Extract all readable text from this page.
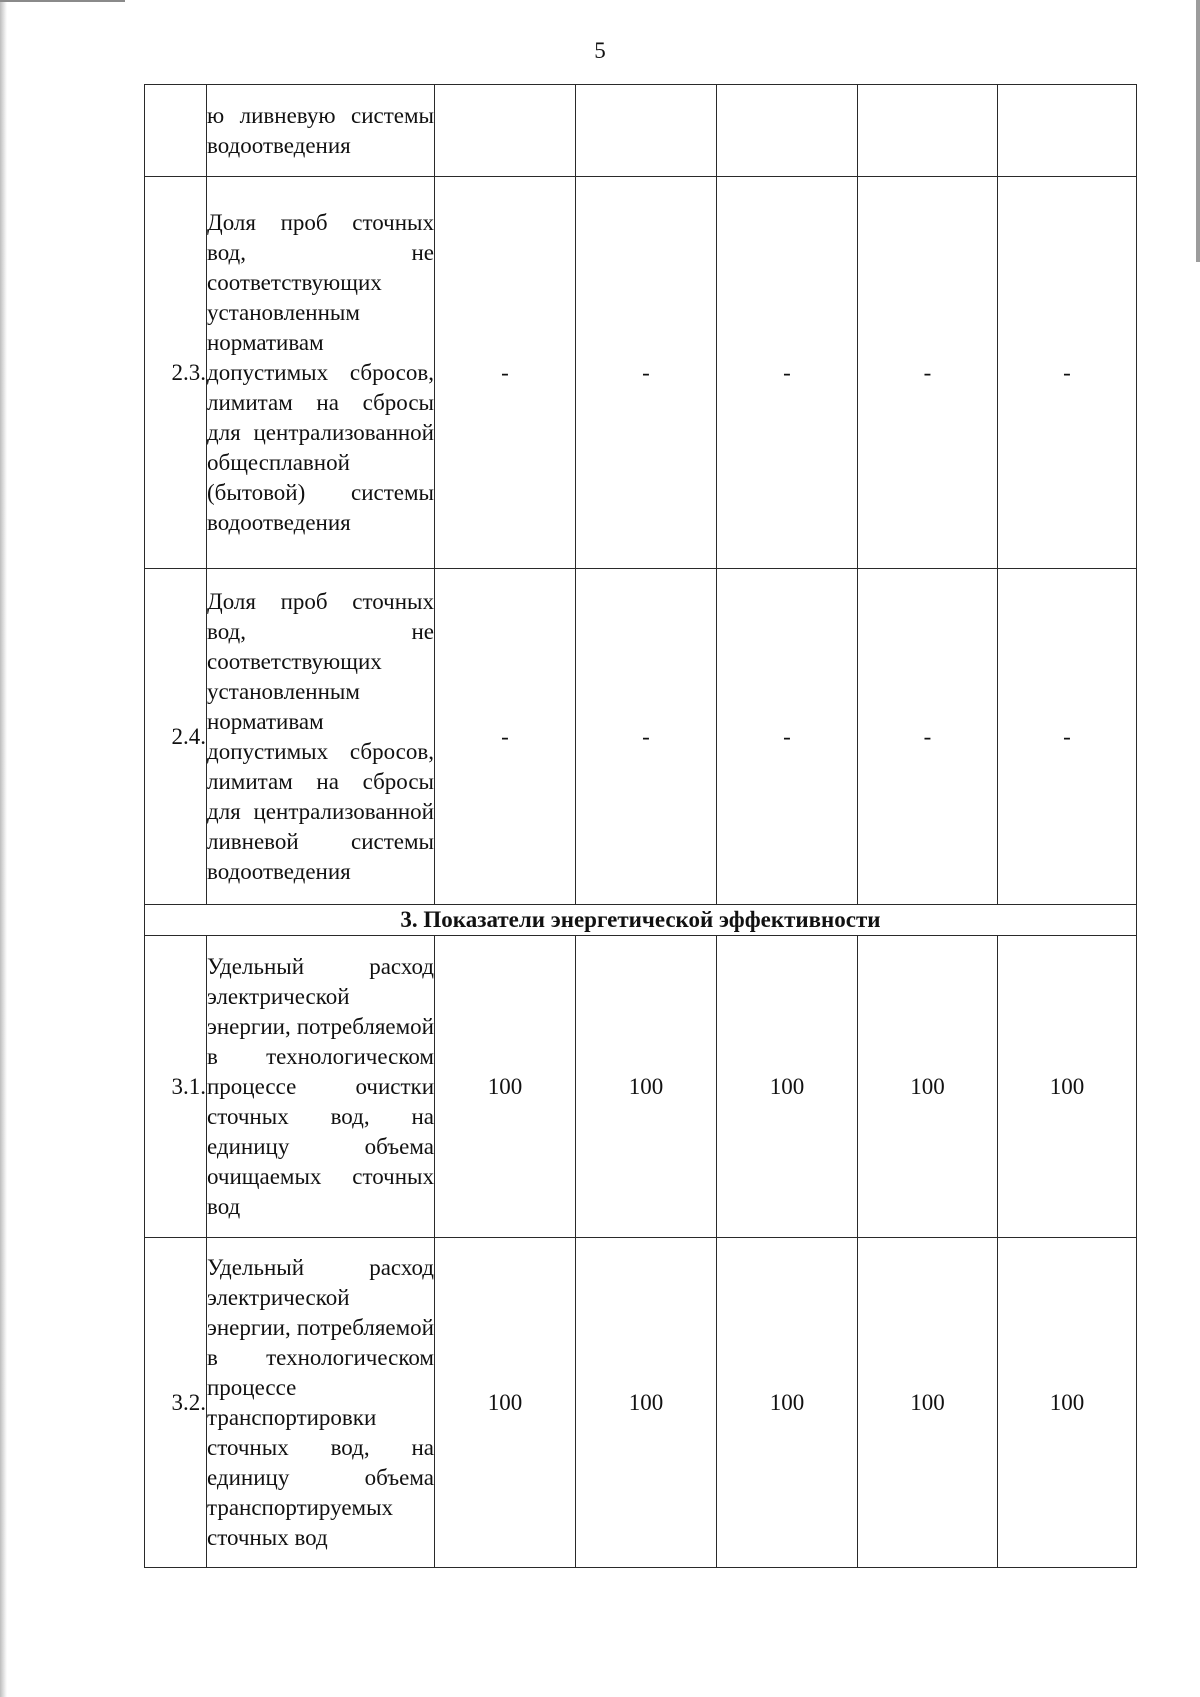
5
	ю ливневую системы водоотведения					
2.3.	Доля проб сточных вод, не соответствующих установленным нормативам допустимых сбросов, лимитам на сбросы для централизованной общесплавной (бытовой) системы водоотведения	-	-	-	-	-
2.4.	Доля проб сточных вод, не соответствующих установленным нормативам допустимых сбросов, лимитам на сбросы для централизованной ливневой системы водоотведения	-	-	-	-	-
3. Показатели энергетической эффективности						
3.1.	Удельный расход электрической энергии, потребляемой в технологическом процессе очистки сточных вод, на единицу объема очищаемых сточных вод	100	100	100	100	100
3.2.	Удельный расход электрической энергии, потребляемой в технологическом процессе транспортировки сточных вод, на единицу объема транспортируемых сточных вод	100	100	100	100	100
